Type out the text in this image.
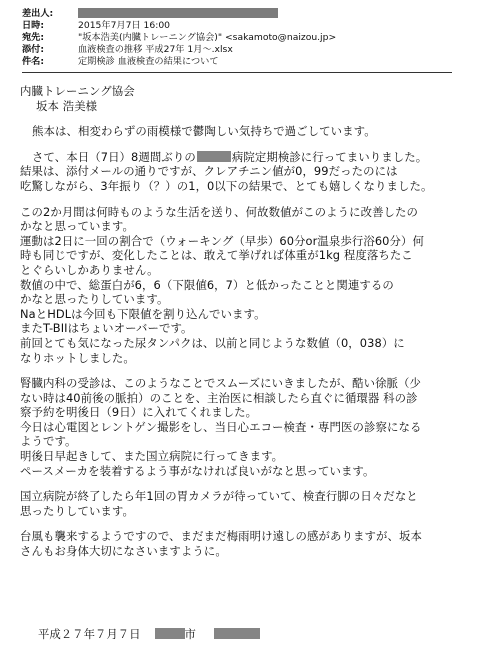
差出人:
日時:	2015年7月7日 16:00
宛先:	"坂本浩美(内臓トレーニング協会)" <sakamoto@naizou.jp>
添付:	血液検査の推移 平成27年 1月〜.xlsx
件名:	定期検診 血液検査の結果について
内臓トレーニング協会
坂本 浩美様
熊本は、相変わらずの雨模様で鬱陶しい気持ちで過ごしています。
さて、本日（7日）8週間ぶりの	病院定期検診に行ってまいりました。
結果は、添付メールの通りですが、クレアチニン値が0，99だったのには
吃驚しながら、3年振り（？）の1，0以下の結果で、とても嬉しくなりました。
この2か月間は何時ものような生活を送り、何故数値がこのように改善したの
かなと思っています。
運動は2日に一回の割合で（ウォーキング（早歩）60分or温泉歩行浴60分）何
時も同じですが、変化したことは、敢えて挙げれば体重が1kg 程度落ちたこ
とぐらいしかありません。
数値の中で、総蛋白が6，6（下限値6，7）と低かったことと関連するの
かなと思ったりしています。
NaとHDLは今回も下限値を割り込んでいます。
またT-BIIはちょいオーバーです。
前回とても気になった尿タンパクは、以前と同じような数値（0，038）に
なりホットしました。
腎臓内科の受診は、このようなことでスムーズにいきましたが、酷い徐脈（少
ない時は40前後の脈拍）のことを、主治医に相談したら直ぐに循環器 科の診
察予約を明後日（9日）に入れてくれました。
今日は心電図とレントゲン撮影をし、当日心エコー検査・専門医の診察になる
ようです。
明後日早起きして、また国立病院に行ってきます。
ペースメーカを装着するよう事がなければ良いがなと思っています。
国立病院が終了したら年1回の胃カメラが待っていて、検査行脚の日々だなと
思ったりしています。
台風も襲来するようですので、まだまだ梅雨明け遠しの感がありますが、坂本
さんもお身体大切になさいますように。
平成２７年７月７日	市
